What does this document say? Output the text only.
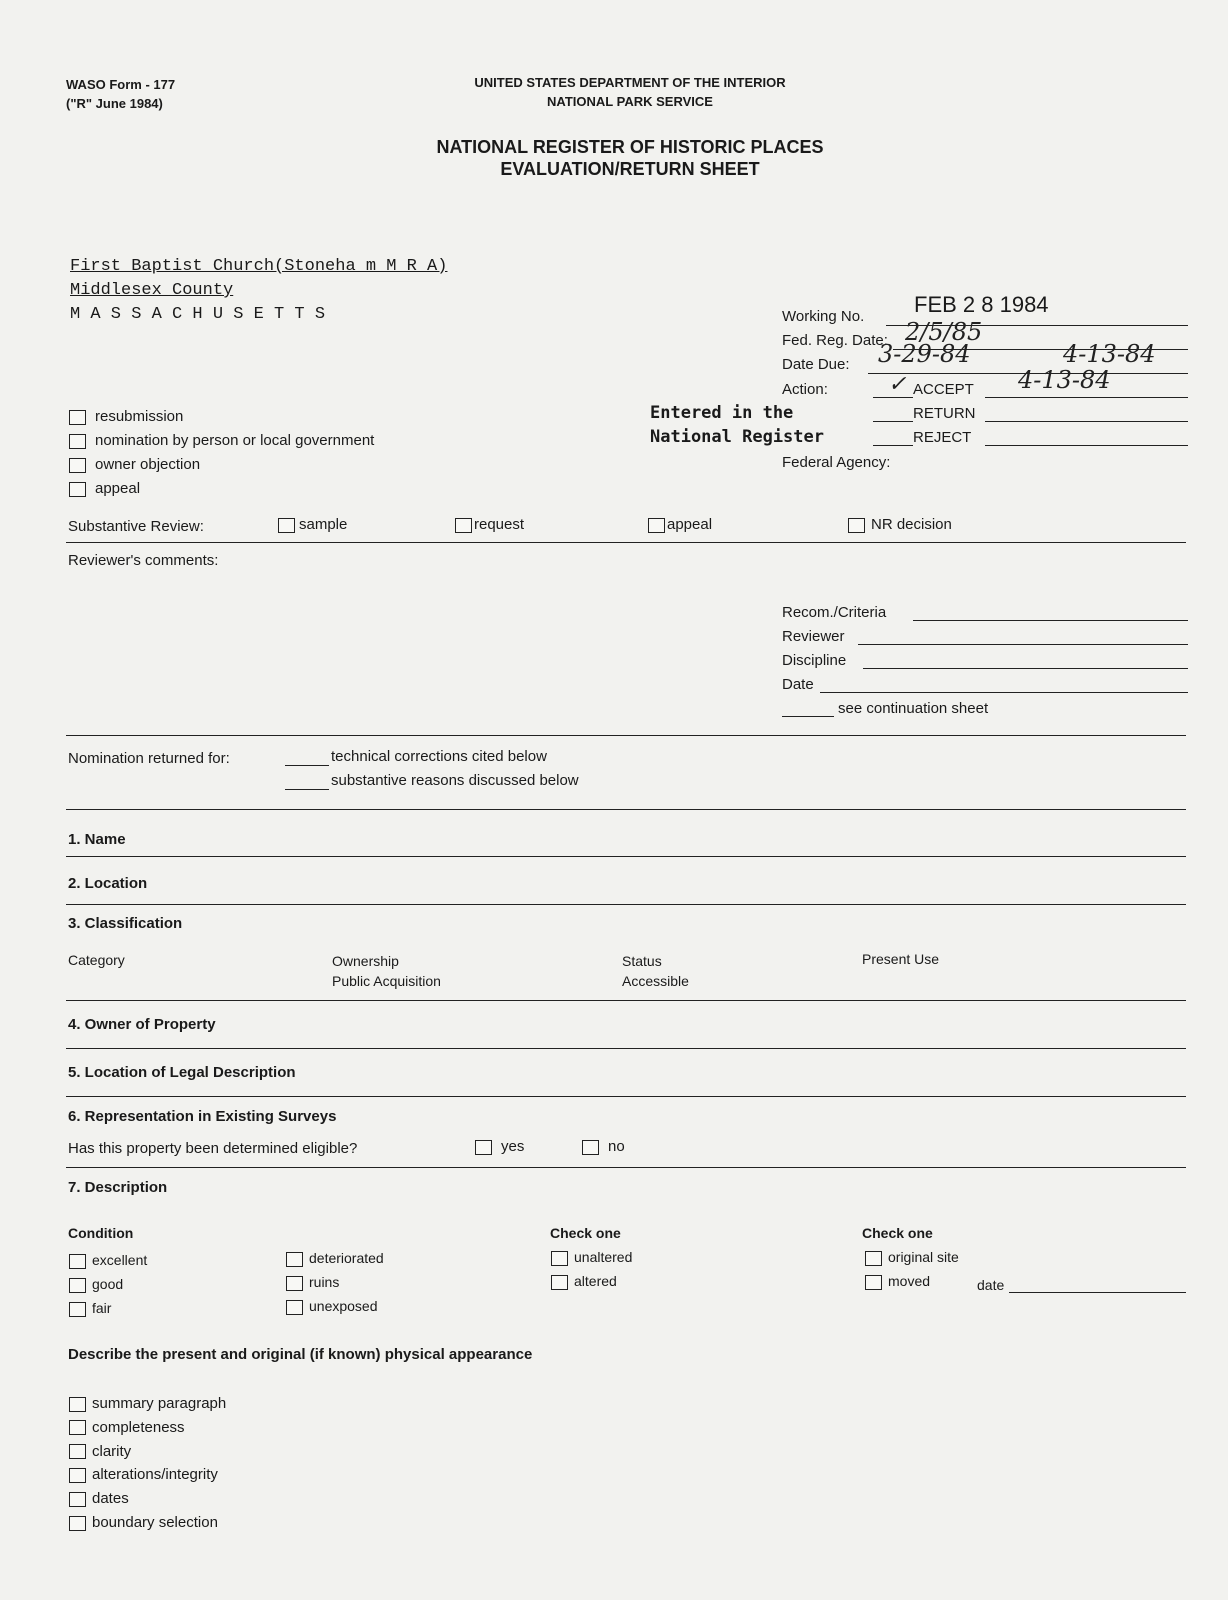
WASO Form - 177
("R" June 1984)
UNITED STATES DEPARTMENT OF THE INTERIOR
NATIONAL PARK SERVICE
NATIONAL REGISTER OF HISTORIC PLACES
EVALUATION/RETURN SHEET
First Baptist Church(Stoneha m M R A)
Middlesex County
M A S S A C H U S E T T S	Working No. FEB 2 8 1984
Fed. Reg. Date: 2/5/85
Date Due: 3-29-84	4-13-84
Action:	✓ ACCEPT 4-13-84
RETURN
REJECT
Federal Agency:
Entered in the
National Register
resubmission
nomination by person or local government
owner objection
appeal
Substantive Review:	sample	request	appeal	NR decision
Reviewer's comments:
Recom./Criteria
Reviewer
Discipline
Date
see continuation sheet
Nomination returned for:	technical corrections cited below
substantive reasons discussed below
1. Name
2. Location
3. Classification
Category	Ownership
Public Acquisition
Status
Accessible
Present Use
4. Owner of Property
5. Location of Legal Description
6. Representation in Existing Surveys
Has this property been determined eligible?	yes	no
7. Description
Condition
excellent
good
fair
deteriorated
ruins
unexposed
Check one
unaltered
altered
Check one
original site
moved	date
Describe the present and original (if known) physical appearance
summary paragraph
completeness
clarity
alterations/integrity
dates
boundary selection
